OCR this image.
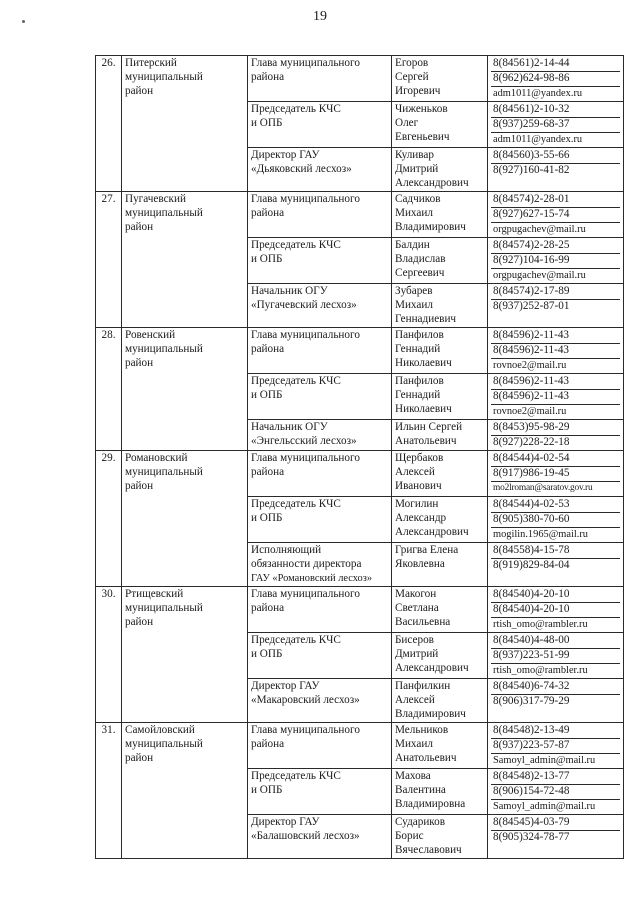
19
26.	Питерский
муниципальный
район	Глава муниципального
района	Егоров
Сергей
Игоревич	8(84561)2-14-44
8(962)624-98-86
adm1011@yandex.ru

		Председатель КЧС
и ОПБ	Чиженьков
Олег
Евгеньевич	8(84561)2-10-32
8(937)259-68-37
adm1011@yandex.ru

		Директор ГАУ
«Дьяковский лесхоз»	Куливар
Дмитрий
Александрович	8(84560)3-55-66
8(927)160-41-82

27.	Пугачевский
муниципальный
район	Глава муниципального
района	Садчиков
Михаил
Владимирович	8(84574)2-28-01
8(927)627-15-74
orgpugachev@mail.ru

		Председатель КЧС
и ОПБ	Балдин
Владислав
Сергеевич	8(84574)2-28-25
8(927)104-16-99
orgpugachev@mail.ru

		Начальник ОГУ
«Пугачевский лесхоз»	Зубарев
Михаил
Геннадиевич	8(84574)2-17-89
8(937)252-87-01

28.	Ровенский
муниципальный
район	Глава муниципального
района	Панфилов
Геннадий
Николаевич	8(84596)2-11-43
8(84596)2-11-43
rovnoe2@mail.ru

		Председатель КЧС
и ОПБ	Панфилов
Геннадий
Николаевич	8(84596)2-11-43
8(84596)2-11-43
rovnoe2@mail.ru

		Начальник ОГУ
«Энгельсский лесхоз»	Ильин Сергей
Анатольевич	8(8453)95-98-29
8(927)228-22-18

29.	Романовский
муниципальный
район	Глава муниципального
района	Щербаков
Алексей
Иванович	8(84544)4-02-54
8(917)986-19-45
mo2lroman@saratov.gov.ru

		Председатель КЧС
и ОПБ	Могилин
Александр
Александрович	8(84544)4-02-53
8(905)380-70-60
mogilin.1965@mail.ru

		Исполняющий
обязанности директора
ГАУ «Романовский лесхоз»	Григва Елена
Яковлевна	8(84558)4-15-78
8(919)829-84-04

30.	Ртищевский
муниципальный
район	Глава муниципального
района	Макогон
Светлана
Васильевна	8(84540)4-20-10
8(84540)4-20-10
rtish_omo@rambler.ru

		Председатель КЧС
и ОПБ	Бисеров
Дмитрий
Александрович	8(84540)4-48-00
8(937)223-51-99
rtish_omo@rambler.ru

		Директор ГАУ
«Макаровский лесхоз»	Панфилкин
Алексей
Владимирович	8(84540)6-74-32
8(906)317-79-29

31.	Самойловский
муниципальный
район	Глава муниципального
района	Мельников
Михаил
Анатольевич	8(84548)2-13-49
8(937)223-57-87
Samoyl_admin@mail.ru

		Председатель КЧС
и ОПБ	Махова
Валентина
Владимировна	8(84548)2-13-77
8(906)154-72-48
Samoyl_admin@mail.ru

		Директор ГАУ
«Балашовский лесхоз»	Судариков
Борис
Вячеславович	8(84545)4-03-79
8(905)324-78-77
